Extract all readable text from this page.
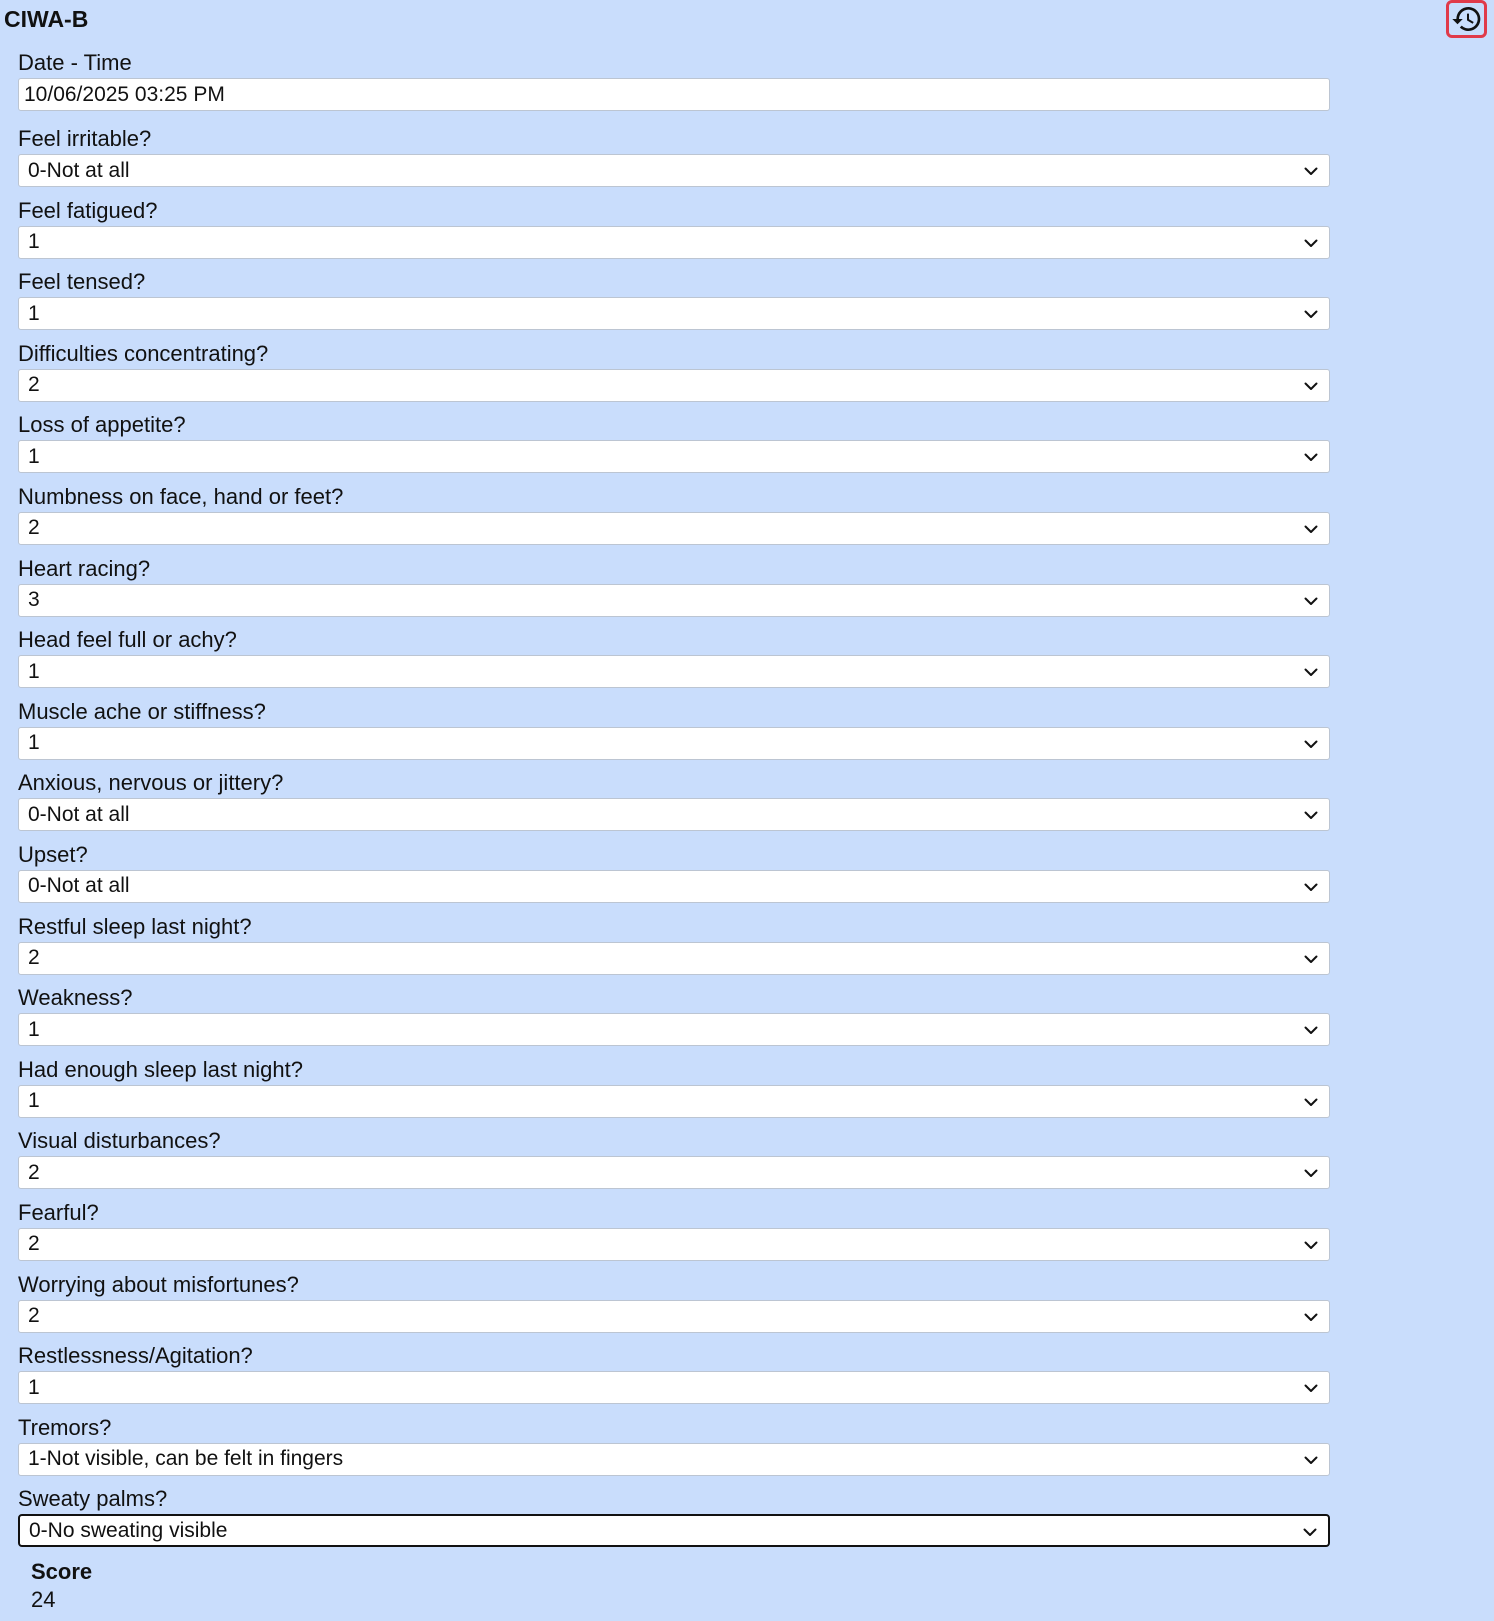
CIWA-B
Date - Time
10/06/2025 03:25 PM
Feel irritable?
0-Not at all
Feel fatigued?
1
Feel tensed?
1
Difficulties concentrating?
2
Loss of appetite?
1
Numbness on face, hand or feet?
2
Heart racing?
3
Head feel full or achy?
1
Muscle ache or stiffness?
1
Anxious, nervous or jittery?
0-Not at all
Upset?
0-Not at all
Restful sleep last night?
2
Weakness?
1
Had enough sleep last night?
1
Visual disturbances?
2
Fearful?
2
Worrying about misfortunes?
2
Restlessness/Agitation?
1
Tremors?
1-Not visible, can be felt in fingers
Sweaty palms?
0-No sweating visible
Score
24
